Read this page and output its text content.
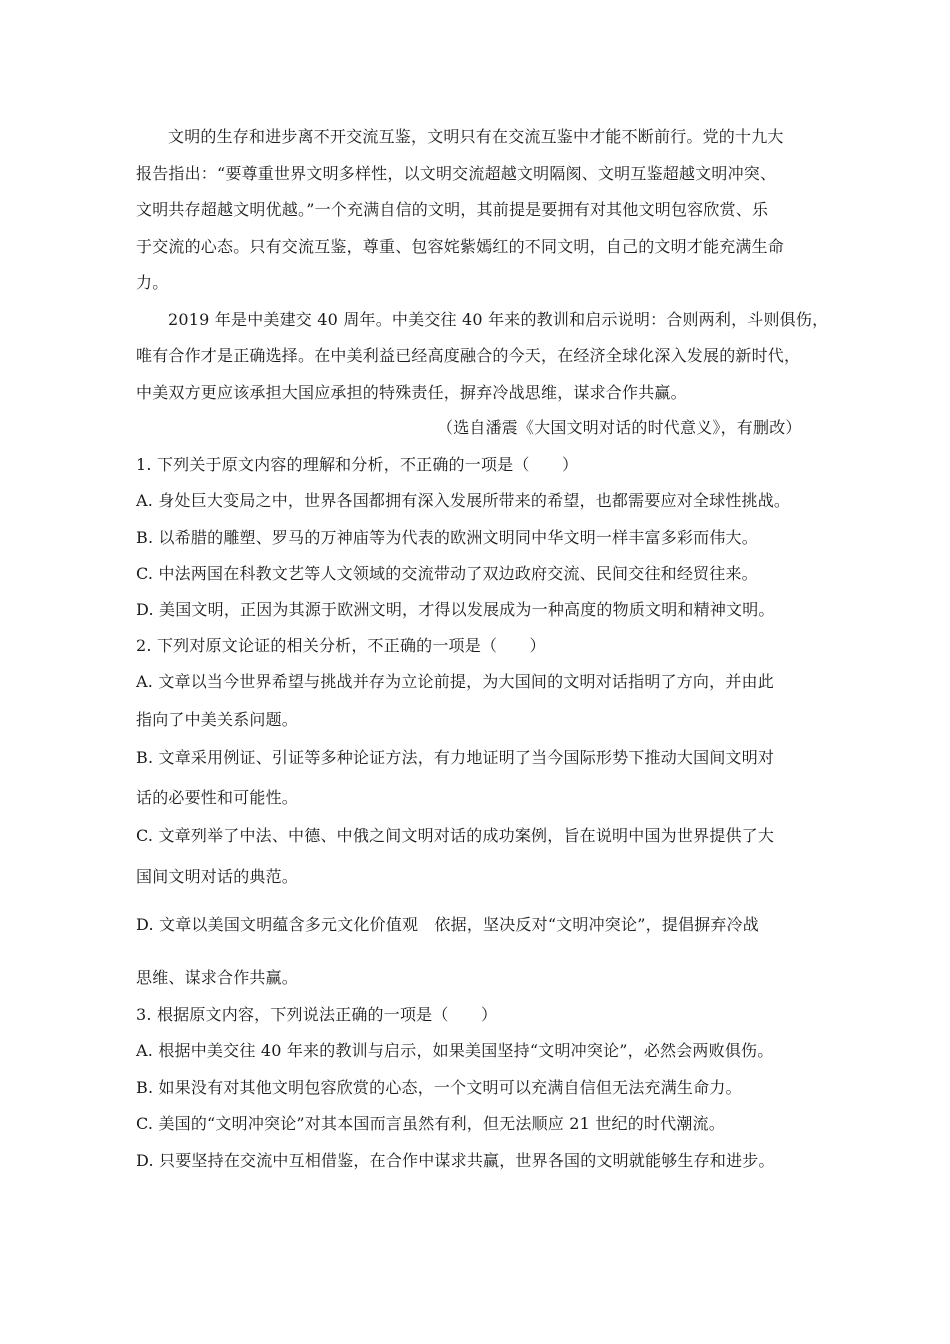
文明的生存和进步离不开交流互鉴，文明只有在交流互鉴中才能不断前行。党的十九大
报告指出：“要尊重世界文明多样性，以文明交流超越文明隔阂、文明互鉴超越文明冲突、
文明共存超越文明优越。”一个充满自信的文明，其前提是要拥有对其他文明包容欣赏、乐
于交流的心态。只有交流互鉴，尊重、包容姹紫嫣红的不同文明，自己的文明才能充满生命
力。
2019 年是中美建交 40 周年。中美交往 40 年来的教训和启示说明：合则两利，斗则俱伤，
唯有合作才是正确选择。在中美利益已经高度融合的今天，在经济全球化深入发展的新时代，
中美双方更应该承担大国应承担的特殊责任，摒弃冷战思维，谋求合作共赢。
（选自潘震《大国文明对话的时代意义》，有删改）
1. 下列关于原文内容的理解和分析，不正确的一项是（　　）
A. 身处巨大变局之中，世界各国都拥有深入发展所带来的希望，也都需要应对全球性挑战。
B. 以希腊的雕塑、罗马的万神庙等为代表的欧洲文明同中华文明一样丰富多彩而伟大。
C. 中法两国在科教文艺等人文领域的交流带动了双边政府交流、民间交往和经贸往来。
D. 美国文明，正因为其源于欧洲文明，才得以发展成为一种高度的物质文明和精神文明。
2. 下列对原文论证的相关分析，不正确的一项是（　　）
A. 文章以当今世界希望与挑战并存为立论前提，为大国间的文明对话指明了方向，并由此
指向了中美关系问题。
B. 文章采用例证、引证等多种论证方法，有力地证明了当今国际形势下推动大国间文明对
话的必要性和可能性。
C. 文章列举了中法、中德、中俄之间文明对话的成功案例，旨在说明中国为世界提供了大
国间文明对话的典范。
D. 文章以美国文明蕴含多元文化价值观　依据，坚决反对“文明冲突论”，提倡摒弃冷战
思维、谋求合作共赢。
3. 根据原文内容，下列说法正确的一项是（　　）
A. 根据中美交往 40 年来的教训与启示，如果美国坚持“文明冲突论”，必然会两败俱伤。
B. 如果没有对其他文明包容欣赏的心态，一个文明可以充满自信但无法充满生命力。
C. 美国的“文明冲突论”对其本国而言虽然有利，但无法顺应 21 世纪的时代潮流。
D. 只要坚持在交流中互相借鉴，在合作中谋求共赢，世界各国的文明就能够生存和进步。
